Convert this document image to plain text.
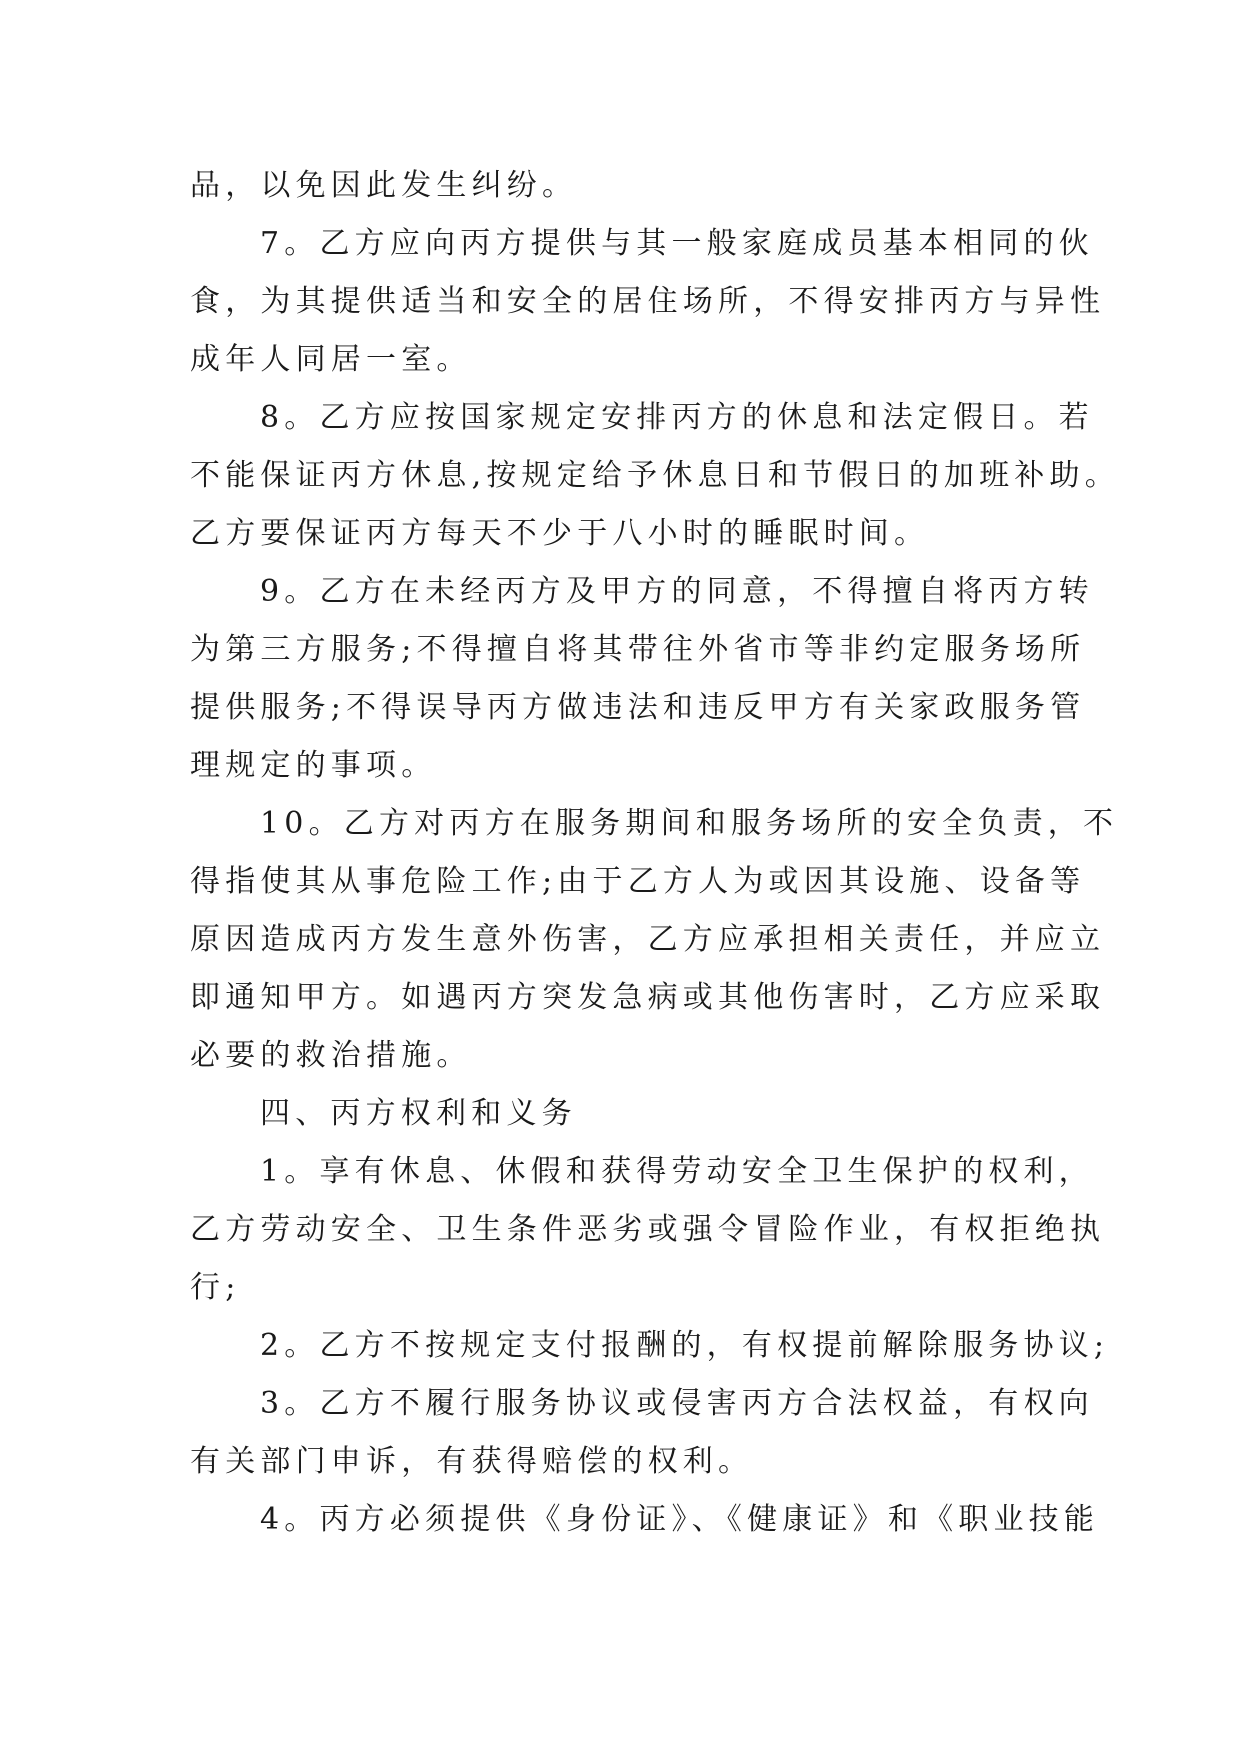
品，以免因此发生纠纷。
7。乙方应向丙方提供与其一般家庭成员基本相同的伙
食，为其提供适当和安全的居住场所，不得安排丙方与异性
成年人同居一室。
8。乙方应按国家规定安排丙方的休息和法定假日。若
不能保证丙方休息,按规定给予休息日和节假日的加班补助。
乙方要保证丙方每天不少于八小时的睡眠时间。
9。乙方在未经丙方及甲方的同意，不得擅自将丙方转
为第三方服务;不得擅自将其带往外省市等非约定服务场所
提供服务;不得误导丙方做违法和违反甲方有关家政服务管
理规定的事项。
10。乙方对丙方在服务期间和服务场所的安全负责，不
得指使其从事危险工作;由于乙方人为或因其设施、设备等
原因造成丙方发生意外伤害，乙方应承担相关责任，并应立
即通知甲方。如遇丙方突发急病或其他伤害时，乙方应采取
必要的救治措施。
四、丙方权利和义务
1。享有休息、休假和获得劳动安全卫生保护的权利，
乙方劳动安全、卫生条件恶劣或强令冒险作业，有权拒绝执
行;
2。乙方不按规定支付报酬的，有权提前解除服务协议;
3。乙方不履行服务协议或侵害丙方合法权益，有权向
有关部门申诉，有获得赔偿的权利。
4。丙方必须提供《身份证》、《健康证》和《职业技能
